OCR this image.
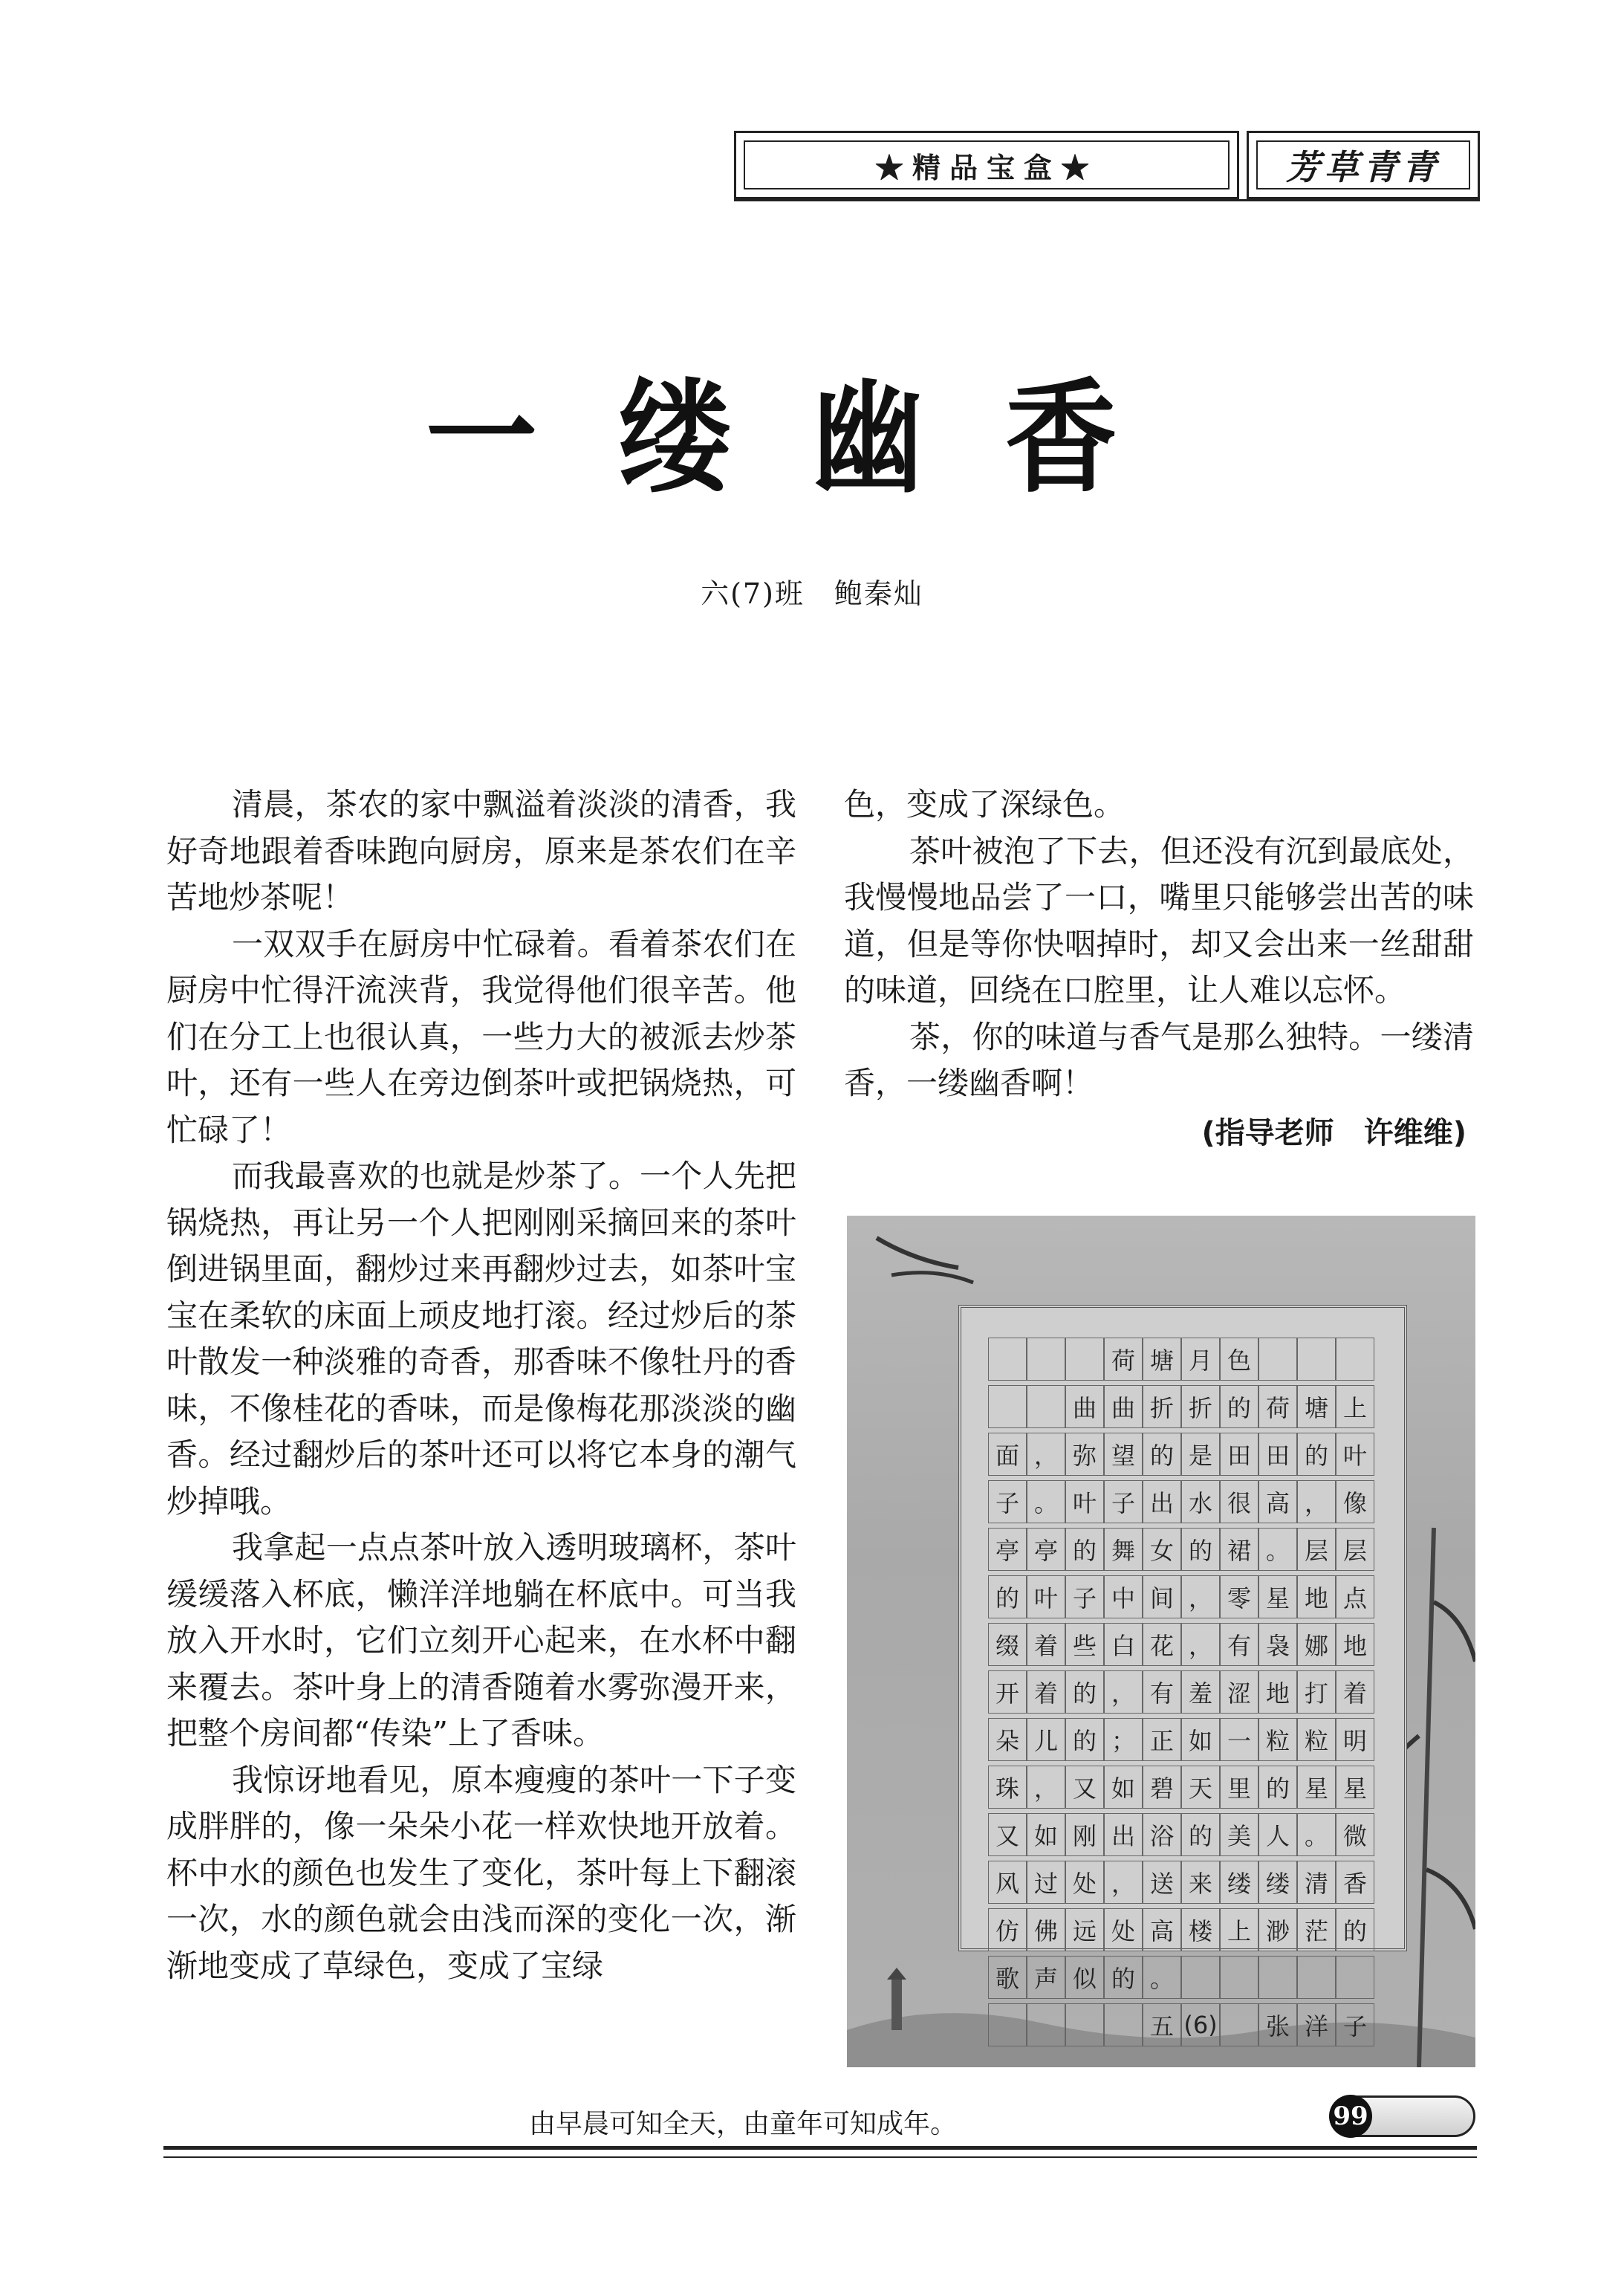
★精品宝盒★	芳草青青
一缕幽香
六(7)班 鲍秦灿

清晨，茶农的家中飘溢着淡淡的清香，我好奇地跟着香味跑向厨房，原来是茶农们在辛苦地炒茶呢！

一双双手在厨房中忙碌着。看着茶农们在厨房中忙得汗流浃背，我觉得他们很辛苦。他们在分工上也很认真，一些力大的被派去炒茶叶，还有一些人在旁边倒茶叶或把锅烧热，可忙碌了！

而我最喜欢的也就是炒茶了。一个人先把锅烧热，再让另一个人把刚刚采摘回来的茶叶倒进锅里面，翻炒过来再翻炒过去，如茶叶宝宝在柔软的床面上顽皮地打滚。经过炒后的茶叶散发一种淡雅的奇香，那香味不像牡丹的香味，不像桂花的香味，而是像梅花那淡淡的幽香。经过翻炒后的茶叶还可以将它本身的潮气炒掉哦。

我拿起一点点茶叶放入透明玻璃杯，茶叶缓缓落入杯底，懒洋洋地躺在杯底中。可当我放入开水时，它们立刻开心起来，在水杯中翻来覆去。茶叶身上的清香随着水雾弥漫开来，把整个房间都“传染”上了香味。

我惊讶地看见，原本瘦瘦的茶叶一下子变成胖胖的，像一朵朵小花一样欢快地开放着。杯中水的颜色也发生了变化，茶叶每上下翻滚一次，水的颜色就会由浅而深的变化一次，渐渐地变成了草绿色，变成了宝绿

色，变成了深绿色。

茶叶被泡了下去，但还没有沉到最底处，我慢慢地品尝了一口，嘴里只能够尝出苦的味道，但是等你快咽掉时，却又会出来一丝甜甜的味道，回绕在口腔里，让人难以忘怀。

茶，你的味道与香气是那么独特。一缕清香，一缕幽香啊！

(指导老师 许维维)
荷 塘 月 色
曲 曲 折 折 的 荷 塘 上
面 ， 弥 望 的 是 田 田 的 叶
子 。 叶 子 出 水 很 高 ， 像
亭 亭 的 舞 女 的 裙 。 层 层
的 叶 子 中 间 ， 零 星 地 点
缀 着 些 白 花 ， 有 袅 娜 地
开 着 的 ， 有 羞 涩 地 打 着
朵 儿 的 ； 正 如 一 粒 粒 明
珠 ， 又 如 碧 天 里 的 星 星
又 如 刚 出 浴 的 美 人 。 微
风 过 处 ， 送 来 缕 缕 清 香
仿 佛 远 处 高 楼 上 渺 茫 的
歌 声 似 的 。
五 (6)	张 洋 子
由早晨可知全天，由童年可知成年。	99
